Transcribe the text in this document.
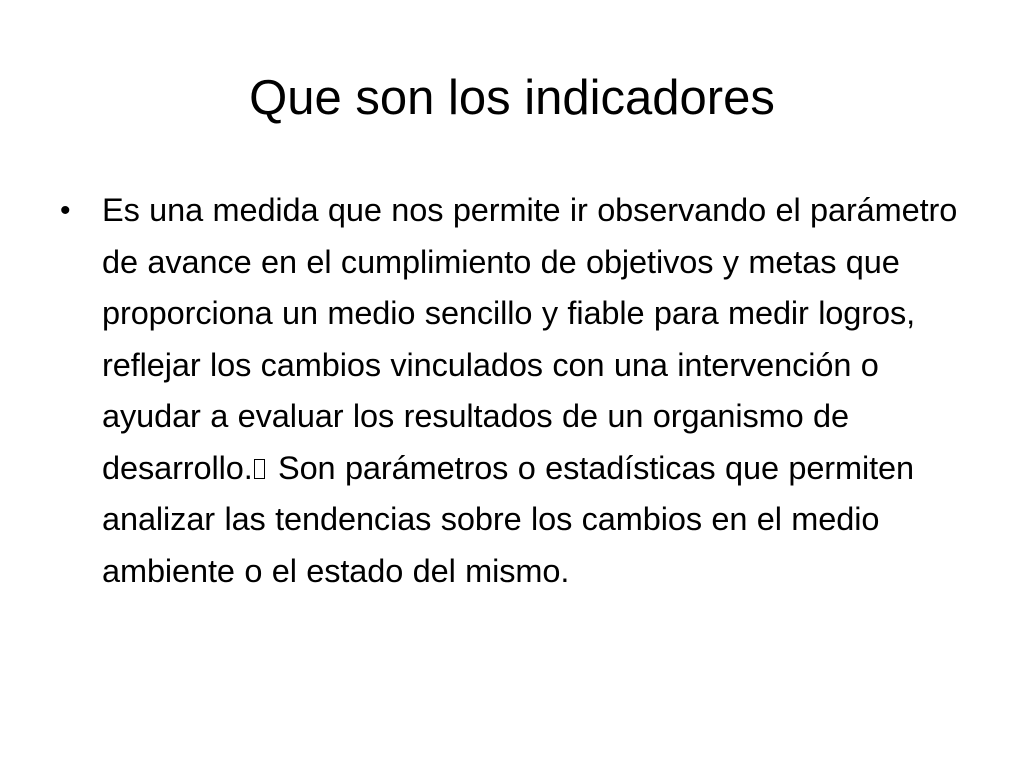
Que son los indicadores
• Es una medida que nos permite ir observando el parámetro de avance en el cumplimiento de objetivos y metas que proporciona un medio sencillo y fiable para medir logros, reflejar los cambios vinculados con una intervención o ayudar a evaluar los resultados de un organismo de desarrollo. Son parámetros o estadísticas que permiten analizar las tendencias sobre los cambios en el medio ambiente o el estado del mismo.
